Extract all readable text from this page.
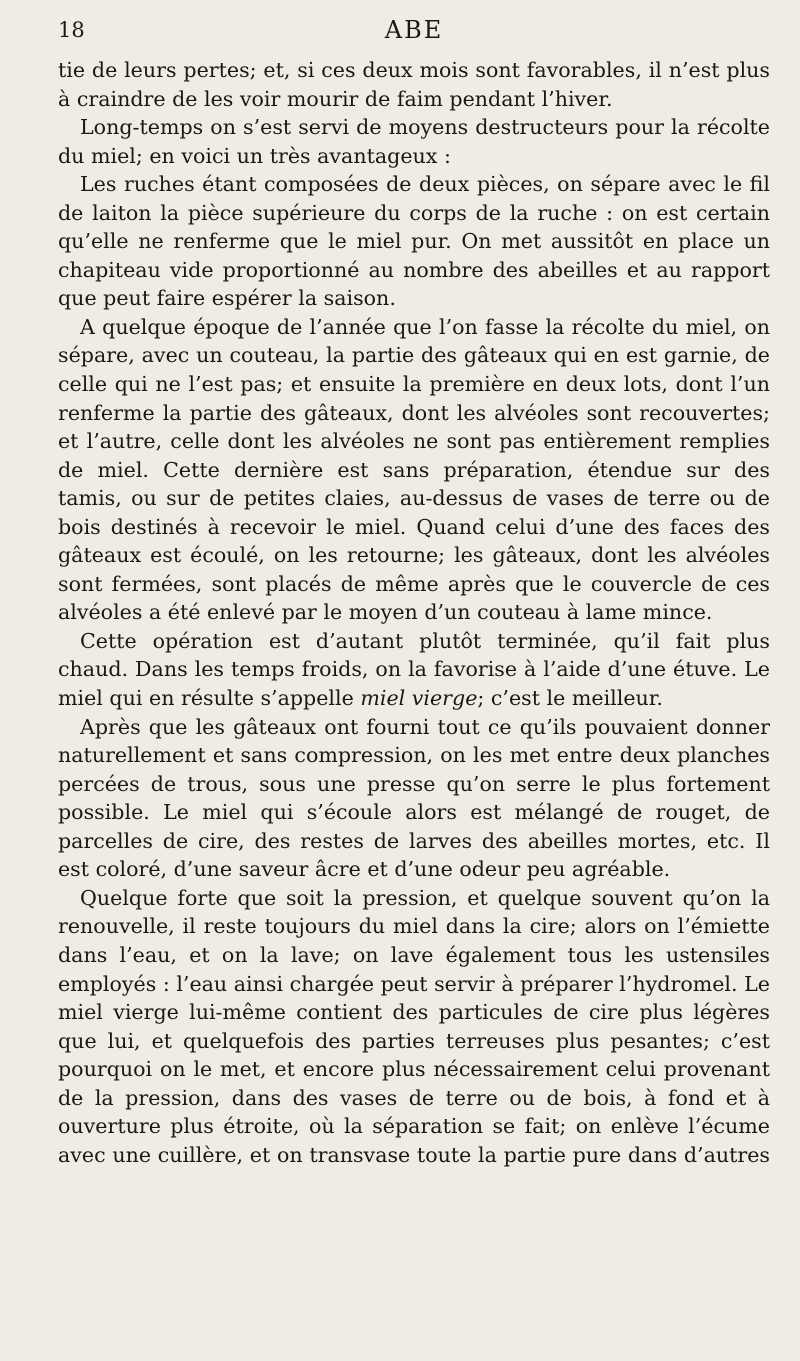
18	ABE

tie de leurs pertes; et, si ces deux mois sont favorables, il n’est plus à craindre de les voir mourir de faim pendant l’hiver.

Long-temps on s’est servi de moyens destructeurs pour la récolte du miel; en voici un très avantageux :

Les ruches étant composées de deux pièces, on sépare avec le fil de laiton la pièce supérieure du corps de la ruche : on est certain qu’elle ne renferme que le miel pur. On met aussitôt en place un chapiteau vide proportionné au nombre des abeilles et au rapport que peut faire espérer la saison.

A quelque époque de l’année que l’on fasse la récolte du miel, on sépare, avec un couteau, la partie des gâteaux qui en est garnie, de celle qui ne l’est pas; et ensuite la première en deux lots, dont l’un renferme la partie des gâteaux, dont les alvéoles sont recouvertes; et l’autre, celle dont les alvéoles ne sont pas entièrement remplies de miel. Cette dernière est sans préparation, étendue sur des tamis, ou sur de petites claies, au-dessus de vases de terre ou de bois destinés à recevoir le miel. Quand celui d’une des faces des gâteaux est écoulé, on les retourne; les gâteaux, dont les alvéoles sont fermées, sont placés de même après que le couvercle de ces alvéoles a été enlevé par le moyen d’un couteau à lame mince.

Cette opération est d’autant plutôt terminée, qu’il fait plus chaud. Dans les temps froids, on la favorise à l’aide d’une étuve. Le miel qui en résulte s’appelle miel vierge; c’est le meilleur.

Après que les gâteaux ont fourni tout ce qu’ils pouvaient donner naturellement et sans compression, on les met entre deux planches percées de trous, sous une presse qu’on serre le plus fortement possible. Le miel qui s’écoule alors est mélangé de rouget, de parcelles de cire, des restes de larves des abeilles mortes, etc. Il est coloré, d’une saveur âcre et d’une odeur peu agréable.

Quelque forte que soit la pression, et quelque souvent qu’on la renouvelle, il reste toujours du miel dans la cire; alors on l’émiette dans l’eau, et on la lave; on lave également tous les ustensiles employés : l’eau ainsi chargée peut servir à préparer l’hydromel. Le miel vierge lui-même contient des particules de cire plus légères que lui, et quelquefois des parties terreuses plus pesantes; c’est pourquoi on le met, et encore plus nécessairement celui provenant de la pression, dans des vases de terre ou de bois, à fond et à ouverture plus étroite, où la séparation se fait; on enlève l’écume avec une cuillère, et on transvase toute la partie pure dans d’autres
